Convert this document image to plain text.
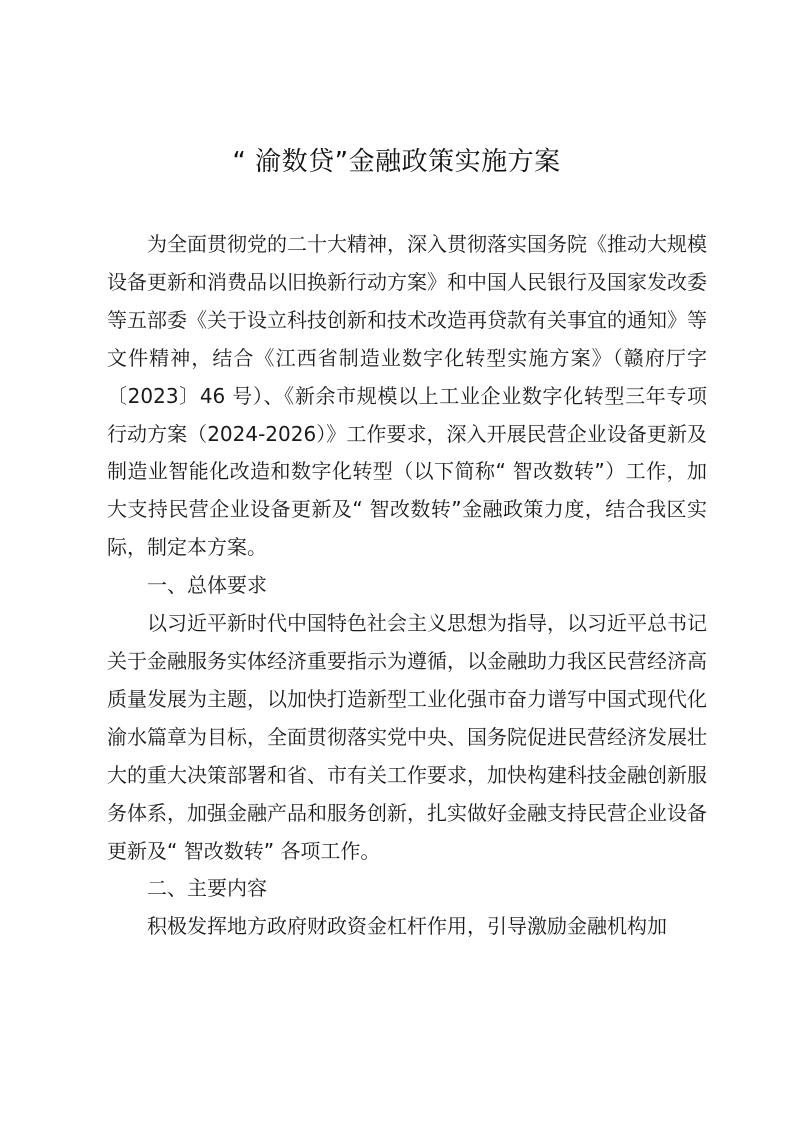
“ 渝数贷”金融政策实施方案

为全面贯彻党的二十大精神，深入贯彻落实国务院《推动大规模设备更新和消费品以旧换新行动方案》和中国人民银行及国家发改委等五部委《关于设立科技创新和技术改造再贷款有关事宜的通知》等文件精神，结合《江西省制造业数字化转型实施方案》（赣府厅字〔2023〕46 号）、《新余市规模以上工业企业数字化转型三年专项行动方案（2024-2026）》工作要求，深入开展民营企业设备更新及制造业智能化改造和数字化转型（以下简称“ 智改数转”）工作，加大支持民营企业设备更新及“ 智改数转”金融政策力度，结合我区实际，制定本方案。

一、总体要求

以习近平新时代中国特色社会主义思想为指导，以习近平总书记关于金融服务实体经济重要指示为遵循，以金融助力我区民营经济高质量发展为主题，以加快打造新型工业化强市奋力谱写中国式现代化渝水篇章为目标，全面贯彻落实党中央、国务院促进民营经济发展壮大的重大决策部署和省、市有关工作要求，加快构建科技金融创新服务体系，加强金融产品和服务创新，扎实做好金融支持民营企业设备更新及“ 智改数转” 各项工作。

二、主要内容

积极发挥地方政府财政资金杠杆作用，引导激励金融机构加
